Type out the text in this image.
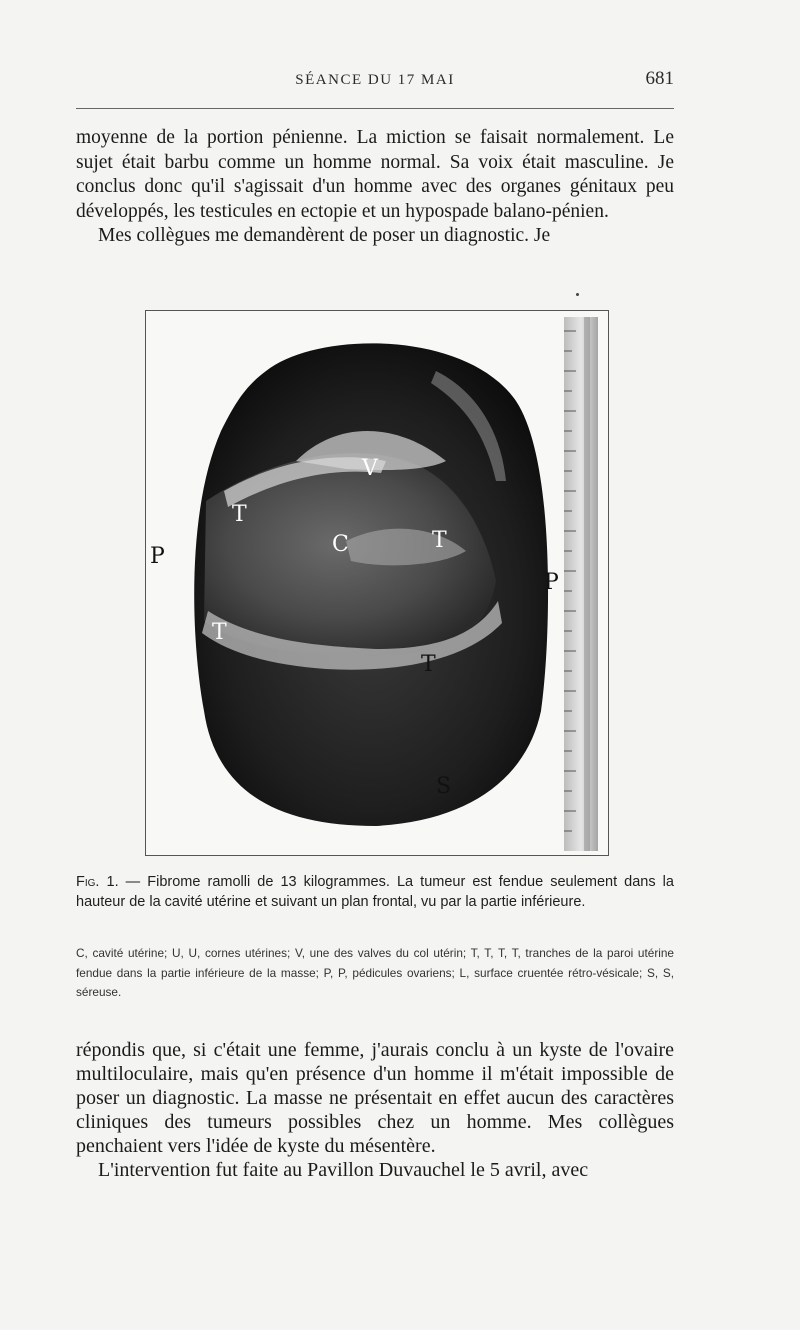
SÉANCE DU 17 MAI	681

moyenne de la portion pénienne. La miction se faisait normalement. Le sujet était barbu comme un homme normal. Sa voix était masculine. Je conclus donc qu'il s'agissait d'un homme avec des organes génitaux peu développés, les testicules en ectopie et un hypospade balano-pénien.

Mes collègues me demandèrent de poser un diagnostic. Je

V
T
C	T
T
T
P
P
S
Fig. 1. — Fibrome ramolli de 13 kilogrammes. La tumeur est fendue seulement dans la hauteur de la cavité utérine et suivant un plan frontal, vu par la partie inférieure.
C, cavité utérine; U, U, cornes utérines; V, une des valves du col utérin; T, T, T, T, tranches de la paroi utérine fendue dans la partie inférieure de la masse; P, P, pédicules ovariens; L, surface cruentée rétro-vésicale; S, S, séreuse.

répondis que, si c'était une femme, j'aurais conclu à un kyste de l'ovaire multiloculaire, mais qu'en présence d'un homme il m'était impossible de poser un diagnostic. La masse ne présentait en effet aucun des caractères cliniques des tumeurs possibles chez un homme. Mes collègues penchaient vers l'idée de kyste du mésentère.

L'intervention fut faite au Pavillon Duvauchel le 5 avril, avec
